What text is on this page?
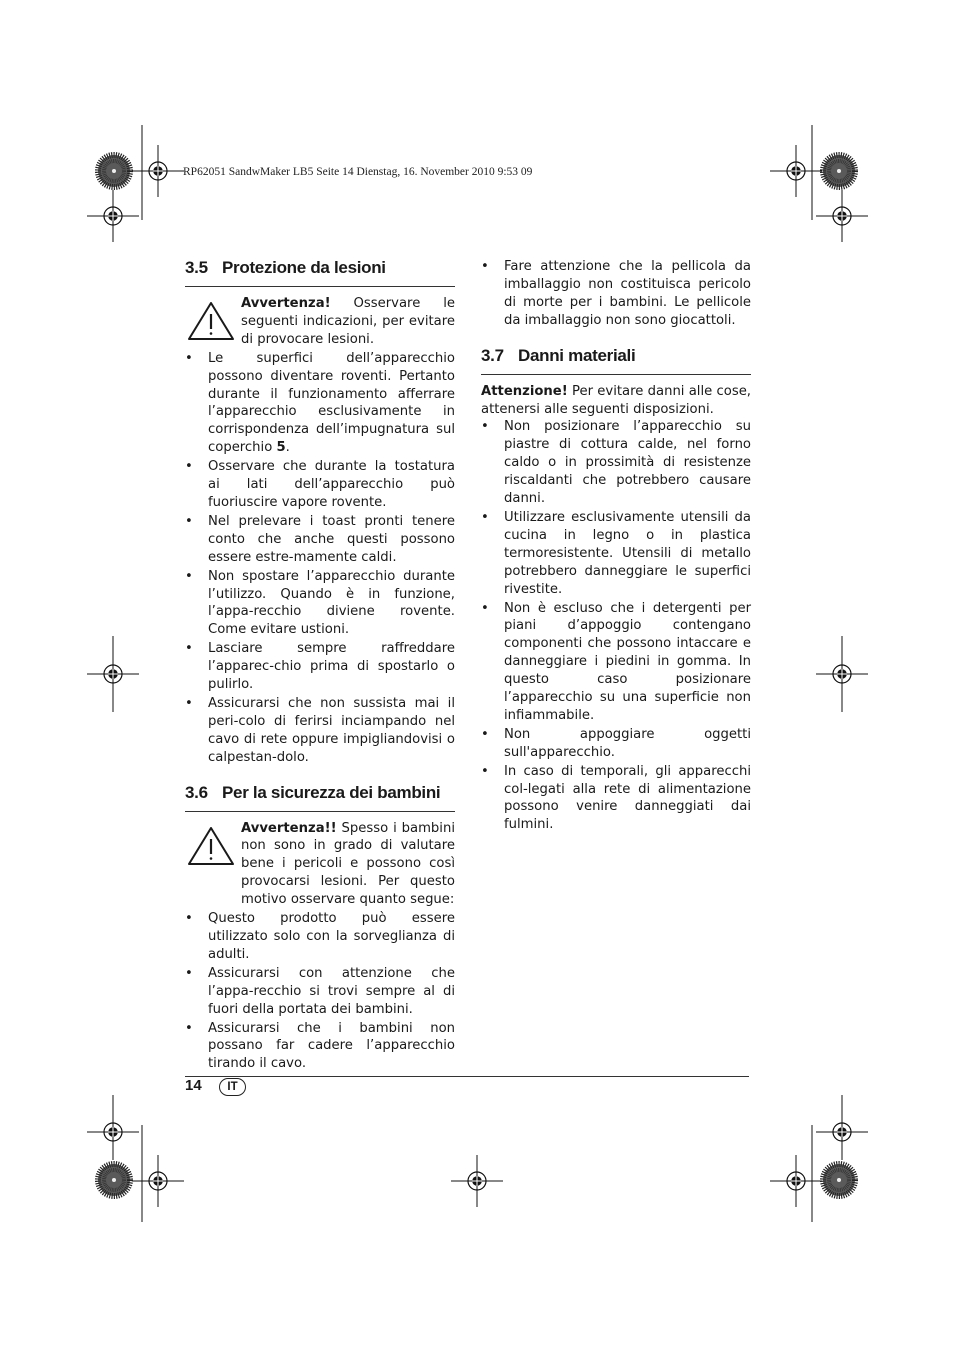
RP62051 SandwMaker LB5 Seite 14 Dienstag, 16. November 2010 9:53 09
3.5 Protezione da lesioni

Avvertenza! Osservare le seguenti indicazioni, per evitare di provocare lesioni.

• Le superfici dell’apparecchio possono diventare roventi. Pertanto durante il funzionamento afferrare l’apparecchio esclusivamente in corrispondenza dell’impugnatura sul coperchio 5.
• Osservare che durante la tostatura ai lati dell’apparecchio può fuoriuscire vapore rovente.
• Nel prelevare i toast pronti tenere conto che anche questi possono essere estre-mamente caldi.
• Non spostare l’apparecchio durante l’utilizzo. Quando è in funzione, l’appa-recchio diviene rovente. Come evitare ustioni.
• Lasciare sempre raffreddare l’apparec-chio prima di spostarlo o pulirlo.
• Assicurarsi che non sussista mai il peri-colo di ferirsi inciampando nel cavo di rete oppure impigliandovisi o calpestan-dolo.
3.6 Per la sicurezza dei bambini

Avvertenza!! Spesso i bambini non sono in grado di valutare bene i pericoli e possono così provocarsi lesioni. Per questo motivo osservare quanto segue:

• Questo prodotto può essere utilizzato solo con la sorveglianza di adulti.
• Assicurarsi con attenzione che l’appa-recchio si trovi sempre al di fuori della portata dei bambini.
• Assicurarsi che i bambini non possano far cadere l’apparecchio tirando il cavo.
• Fare attenzione che la pellicola da imballaggio non costituisca pericolo di morte per i bambini. Le pellicole da imballaggio non sono giocattoli.
3.7 Danni materiali

Attenzione! Per evitare danni alle cose, attenersi alle seguenti disposizioni.

• Non posizionare l’apparecchio su piastre di cottura calde, nel forno caldo o in prossimità di resistenze riscaldanti che potrebbero causare danni.
• Utilizzare esclusivamente utensili da cucina in legno o in plastica termoresistente. Utensili di metallo potrebbero danneggiare le superfici rivestite.
• Non è escluso che i detergenti per piani d’appoggio contengano componenti che possono intaccare e danneggiare i piedini in gomma. In questo caso posizionare l’apparecchio su una superficie non infiammabile.
• Non appoggiare oggetti sull'apparecchio.
• In caso di temporali, gli apparecchi col-legati alla rete di alimentazione possono venire danneggiati dai fulmini.
14	IT
